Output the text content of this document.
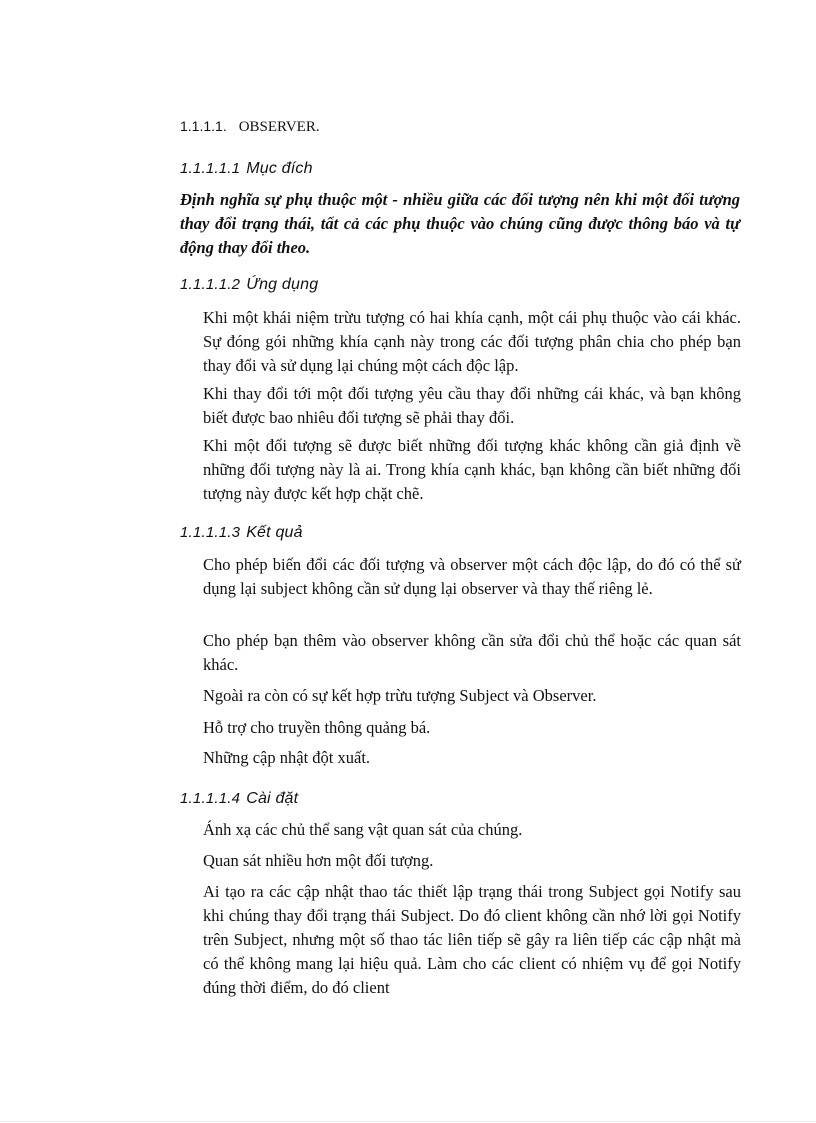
1.1.1.1. OBSERVER.
1.1.1.1.1 Mục đích
Định nghĩa sự phụ thuộc một - nhiều giữa các đối tượng nên khi một đối tượng thay đổi trạng thái, tất cả các phụ thuộc vào chúng cũng được thông báo và tự động thay đổi theo.
1.1.1.1.2 Ứng dụng

Khi một khái niệm trừu tượng có hai khía cạnh, một cái phụ thuộc vào cái khác. Sự đóng gói những khía cạnh này trong các đối tượng phân chia cho phép bạn thay đổi và sử dụng lại chúng một cách độc lập.

Khi thay đổi tới một đối tượng yêu cầu thay đổi những cái khác, và bạn không biết được bao nhiêu đối tượng sẽ phải thay đổi.

Khi một đối tượng sẽ được biết những đối tượng khác không cần giả định về những đối tượng này là ai. Trong khía cạnh khác, bạn không cần biết những đối tượng này được kết hợp chặt chẽ.

1.1.1.1.3 Kết quả

Cho phép biến đổi các đối tượng và observer một cách độc lập, do đó có thể sử dụng lại subject không cần sử dụng lại observer và thay thế riêng lẻ.

Cho phép bạn thêm vào observer không cần sửa đổi chủ thể hoặc các quan sát khác.

Ngoài ra còn có sự kết hợp trừu tượng Subject và Observer.

Hỗ trợ cho truyền thông quảng bá.

Những cập nhật đột xuất.

1.1.1.1.4 Cài đặt

Ánh xạ các chủ thể sang vật quan sát của chúng.

Quan sát nhiều hơn một đối tượng.

Ai tạo ra các cập nhật thao tác thiết lập trạng thái trong Subject gọi Notify sau khi chúng thay đổi trạng thái Subject. Do đó client không cần nhớ lời gọi Notify trên Subject, nhưng một số thao tác liên tiếp sẽ gây ra liên tiếp các cập nhật mà có thể không mang lại hiệu quả. Làm cho các client có nhiệm vụ để gọi Notify đúng thời điểm, do đó client
